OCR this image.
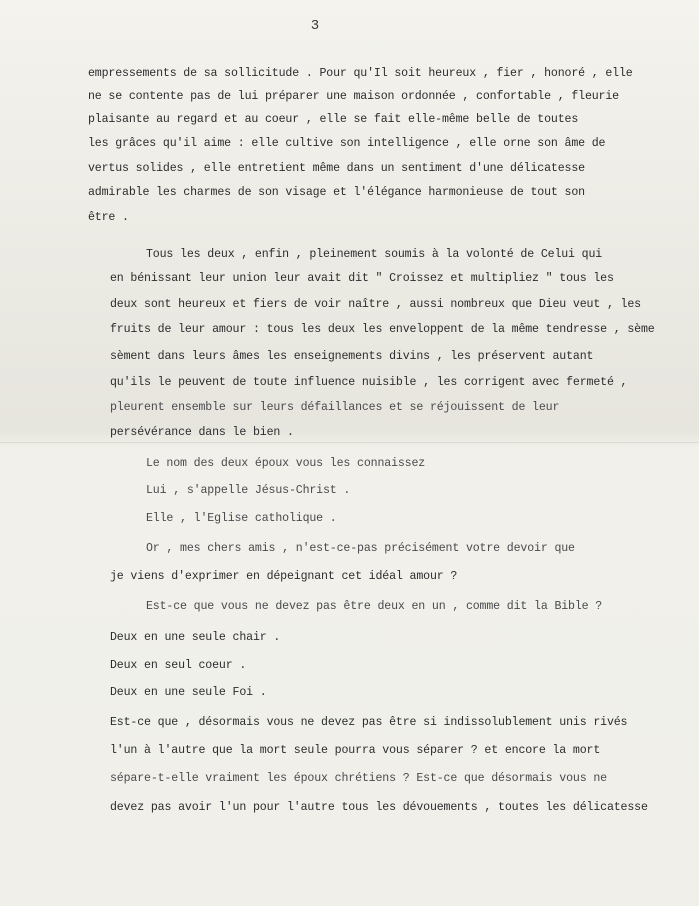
3
empressements de sa sollicitude . Pour qu'Il soit heureux , fier , honoré , elle
ne se contente pas de lui préparer une maison ordonnée , confortable , fleurie
plaisante au regard et au coeur , elle se fait elle-même belle de toutes
les grâces qu'il aime : elle cultive son intelligence , elle orne son âme de
vertus solides , elle entretient même dans un sentiment d'une délicatesse
admirable les charmes de son visage et l'élégance harmonieuse de tout son
être .
Tous les deux , enfin , pleinement soumis à la volonté de Celui qui
en bénissant leur union leur avait dit " Croissez et multipliez " tous les
deux sont heureux et fiers de voir naître , aussi nombreux que Dieu veut , les
fruits de leur amour : tous les deux les enveloppent de la même tendresse , sème
sèment dans leurs âmes les enseignements divins , les préservent autant
qu'ils le peuvent de toute influence nuisible , les corrigent avec fermeté ,
pleurent ensemble sur leurs défaillances et se réjouissent de leur
persévérance dans le bien .
Le nom des deux époux vous les connaissez
Lui , s'appelle Jésus-Christ .
Elle , l'Eglise catholique .
Or , mes chers amis , n'est-ce-pas précisément votre devoir que
je viens d'exprimer en dépeignant cet idéal amour ?
Est-ce que vous ne devez pas être deux en un , comme dit la Bible ?
Deux en une seule chair .
Deux en seul coeur .
Deux en une seule Foi .
Est-ce que , désormais vous ne devez pas être si indissolublement unis rivés
l'un à l'autre que la mort seule pourra vous séparer ? et encore la mort
sépare-t-elle vraiment les époux chrétiens ? Est-ce que désormais vous ne
devez pas avoir l'un pour l'autre tous les dévouements , toutes les délicatesse
